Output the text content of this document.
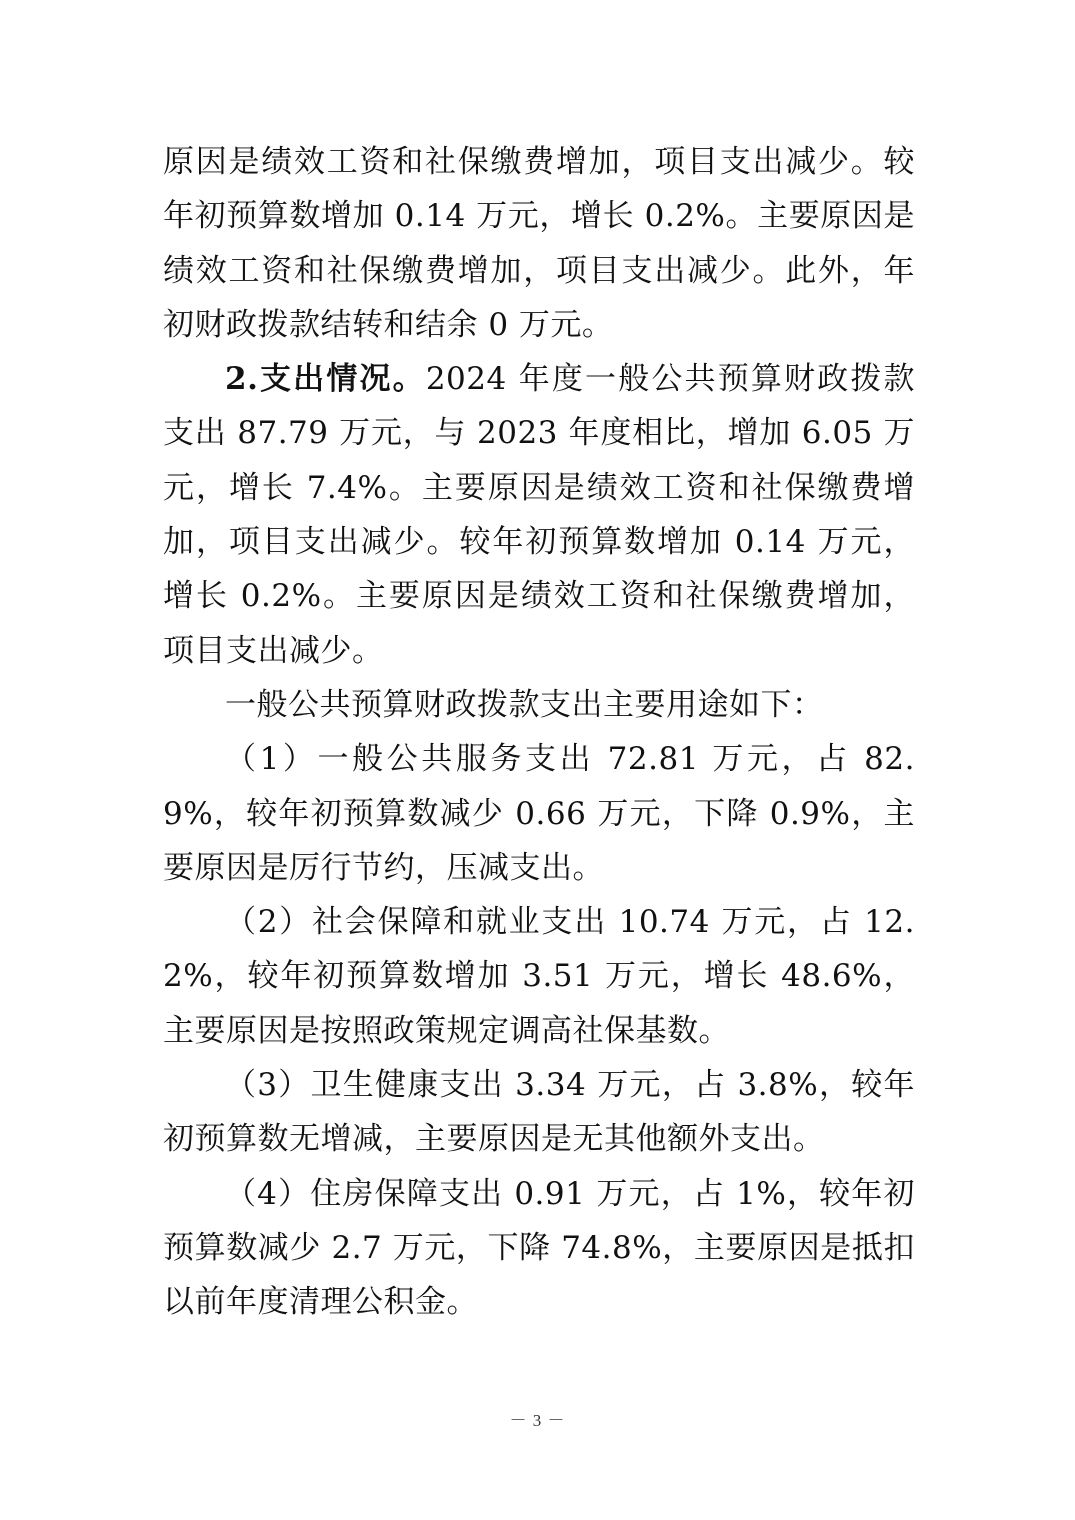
原因是绩效工资和社保缴费增加，项目支出减少。较年初预算数增加 0.14 万元，增长 0.2%。主要原因是绩效工资和社保缴费增加，项目支出减少。此外，年初财政拨款结转和结余 0 万元。

2.支出情况。2024 年度一般公共预算财政拨款支出 87.79 万元，与 2023 年度相比，增加 6.05 万元，增长 7.4%。主要原因是绩效工资和社保缴费增加，项目支出减少。较年初预算数增加 0.14 万元，增长 0.2%。主要原因是绩效工资和社保缴费增加，项目支出减少。

一般公共预算财政拨款支出主要用途如下：

（1）一般公共服务支出 72.81 万元，占 82.9%，较年初预算数减少 0.66 万元，下降 0.9%，主要原因是厉行节约，压减支出。

（2）社会保障和就业支出 10.74 万元，占 12.2%，较年初预算数增加 3.51 万元，增长 48.6%，主要原因是按照政策规定调高社保基数。

（3）卫生健康支出 3.34 万元，占 3.8%，较年初预算数无增减，主要原因是无其他额外支出。

（4）住房保障支出 0.91 万元，占 1%，较年初预算数减少 2.7 万元，下降 74.8%，主要原因是抵扣以前年度清理公积金。

－ 3 －
